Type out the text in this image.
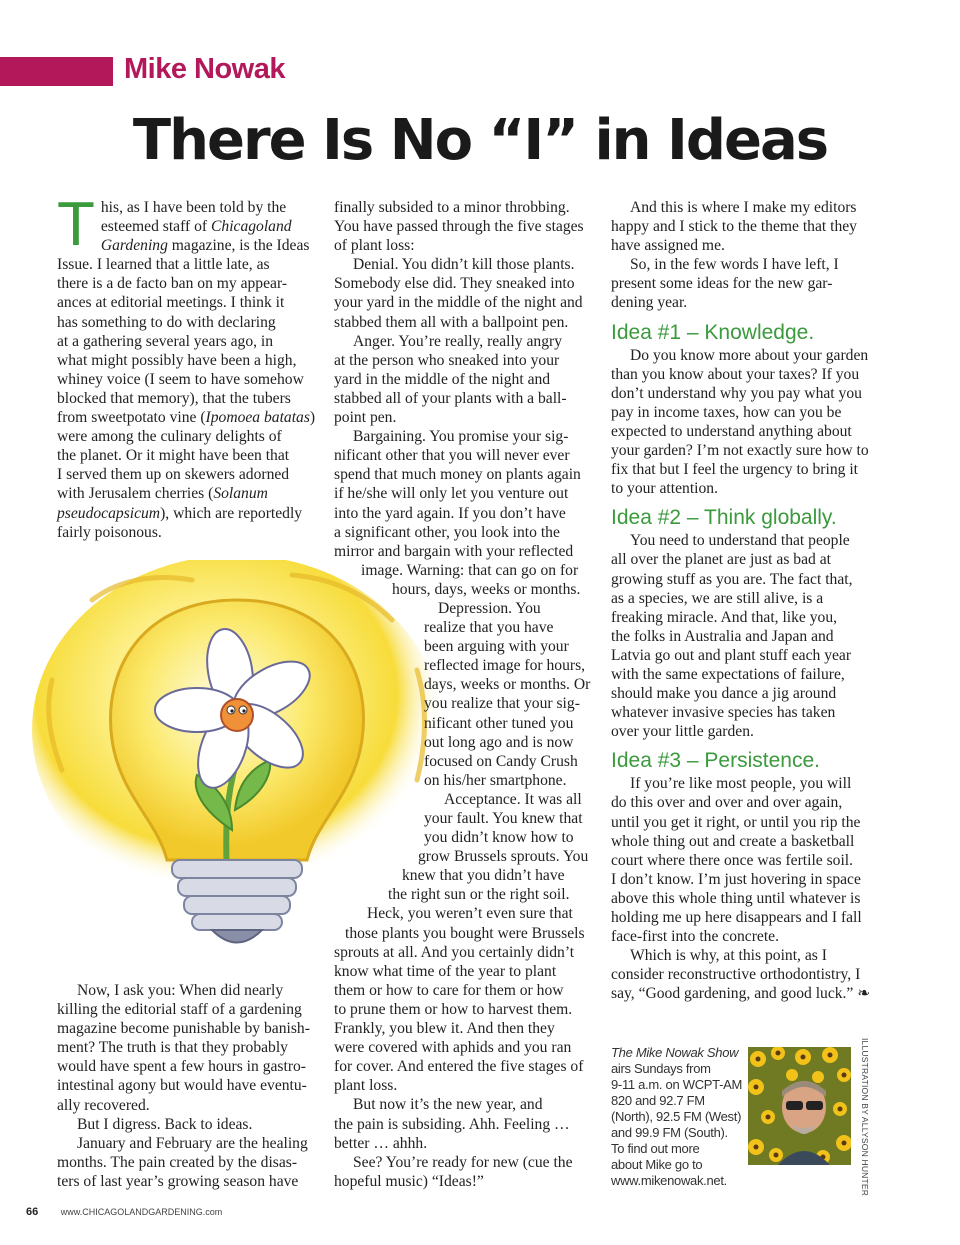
Mike Nowak
There Is No “I” in Ideas
T his, as I have been told by the
esteemed staff of Chicagoland
Gardening magazine, is the Ideas
Issue. I learned that a little late, as
there is a de facto ban on my appear-
ances at editorial meetings. I think it
has something to do with declaring
at a gathering several years ago, in
what might possibly have been a high,
whiney voice (I seem to have somehow
blocked that memory), that the tubers
from sweetpotato vine (Ipomoea batatas)
were among the culinary delights of
the planet. Or it might have been that
I served them up on skewers adorned
with Jerusalem cherries (Solanum
pseudocapsicum), which are reportedly
fairly poisonous.

Now, I ask you: When did nearly

killing the editorial staff of a gardening
magazine become punishable by banish-
ment? The truth is that they probably
would have spent a few hours in gastro-
intestinal agony but would have eventu-
ally recovered.
But I digress. Back to ideas.
January and February are the healing
months. The pain created by the disas-
ters of last year’s growing season have
finally subsided to a minor throbbing.
You have passed through the five stages
of plant loss:
Denial. You didn’t kill those plants.
Somebody else did. They sneaked into
your yard in the middle of the night and
stabbed them all with a ballpoint pen.
Anger. You’re really, really angry
at the person who sneaked into your
yard in the middle of the night and
stabbed all of your plants with a ball-
point pen.
Bargaining. You promise your sig-
nificant other that you will never ever
spend that much money on plants again
if he/she will only let you venture out
into the yard again. If you don’t have
a significant other, you look into the
mirror and bargain with your reflected
image. Warning: that can go on for
hours, days, weeks or months.
Depression. You
realize that you have
been arguing with your
reflected image for hours,
days, weeks or months. Or
you realize that your sig-
nificant other tuned you
out long ago and is now
focused on Candy Crush
on his/her smartphone.
Acceptance. It was all
your fault. You knew that
you didn’t know how to
grow Brussels sprouts. You
knew that you didn’t have
the right sun or the right soil.
Heck, you weren’t even sure that
those plants you bought were Brussels
sprouts at all. And you certainly didn’t
know what time of the year to plant
them or how to care for them or how
to prune them or how to harvest them.
Frankly, you blew it. And then they
were covered with aphids and you ran
for cover. And entered the five stages of
plant loss.
But now it’s the new year, and
the pain is subsiding. Ahh. Feeling …
better … ahhh.
See? You’re ready for new (cue the
hopeful music) “Ideas!”
And this is where I make my editors
happy and I stick to the theme that they
have assigned me.
So, in the few words I have left, I
present some ideas for the new gar-
dening year.
Idea #1 – Knowledge.
Do you know more about your garden
than you know about your taxes? If you
don’t understand why you pay what you
pay in income taxes, how can you be
expected to understand anything about
your garden? I’m not exactly sure how to
fix that but I feel the urgency to bring it
to your attention.
Idea #2 – Think globally.
You need to understand that people
all over the planet are just as bad at
growing stuff as you are. The fact that,
as a species, we are still alive, is a
freaking miracle. And that, like you,
the folks in Australia and Japan and
Latvia go out and plant stuff each year
with the same expectations of failure,
should make you dance a jig around
whatever invasive species has taken
over your little garden.
Idea #3 – Persistence.
If you’re like most people, you will
do this over and over and over again,
until you get it right, or until you rip the
whole thing out and create a basketball
court where there once was fertile soil.
I don’t know. I’m just hovering in space
above this whole thing until whatever is
holding me up here disappears and I fall
face-first into the concrete.
Which is why, at this point, as I
consider reconstructive orthodontistry, I
say, “Good gardening, and good luck.” ❧
The Mike Nowak Show
airs Sundays from
9-11 a.m. on WCPT-AM
820 and 92.7 FM
(North), 92.5 FM (West)
and 99.9 FM (South).
To find out more
about Mike go to
www.mikenowak.net.	ILLUSTRATION BY ALLYSON HUNTER
66	www.CHICAGOLANDGARDENING.com
